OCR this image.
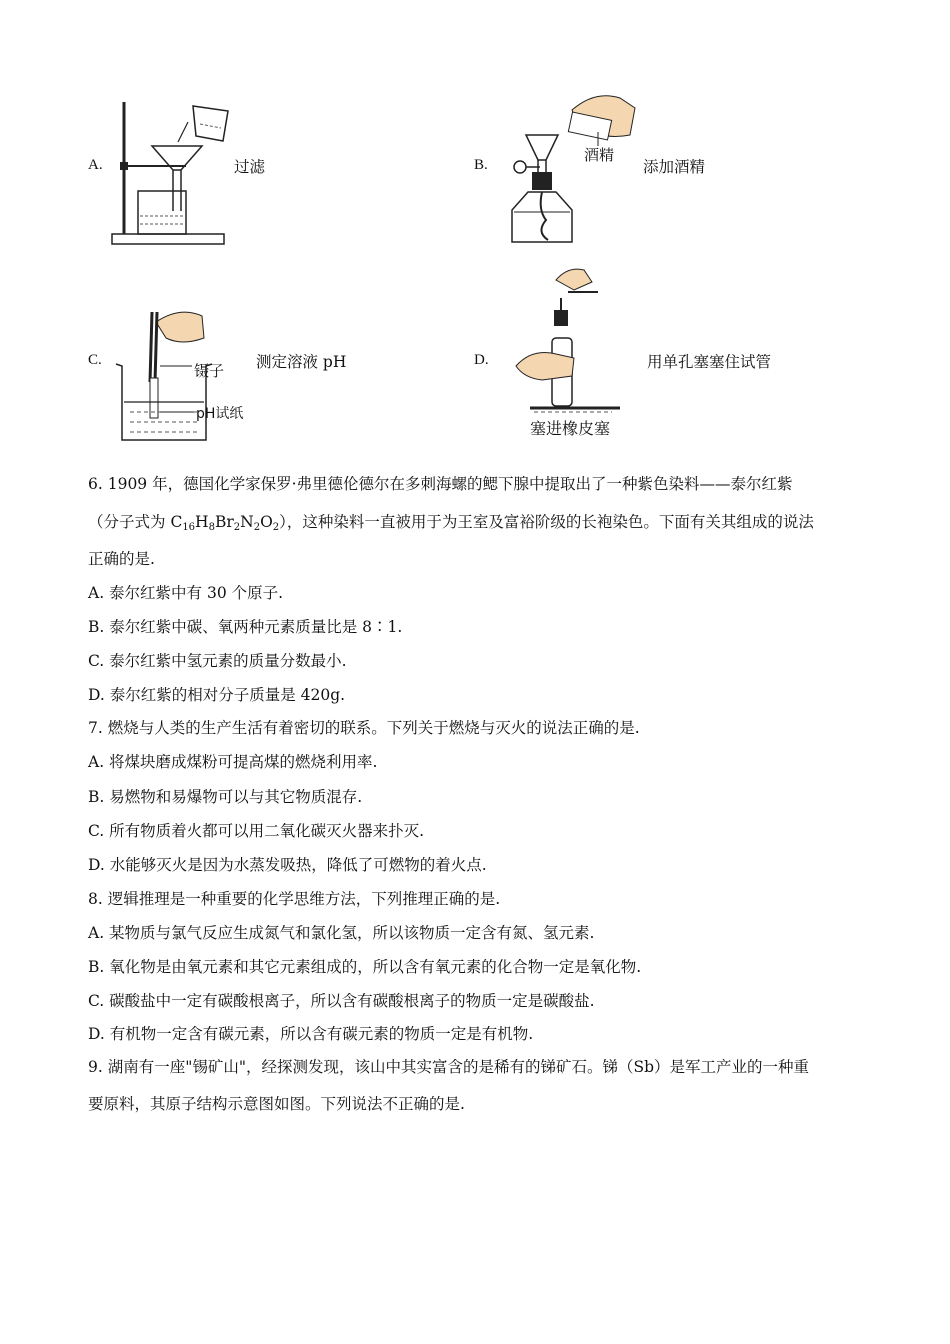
A.	过滤	B.
酒精
添加酒精
C.
镊子
pH试纸
测定溶液 pH	D.
塞进橡皮塞
用单孔塞塞住试管
6. 1909 年，德国化学家保罗·弗里德伦德尔在多刺海螺的鳃下腺中提取出了一种紫色染料——泰尔红紫
（分子式为 $C_{16}H_8Br_2N_2O_2$），这种染料一直被用于为王室及富裕阶级的长袍染色。下面有关其组成的说法
正确的是.
A. 泰尔红紫中有 30 个原子.
B. 泰尔红紫中碳、氧两种元素质量比是 8∶1.
C. 泰尔红紫中氢元素的质量分数最小.
D. 泰尔红紫的相对分子质量是 420g.
7. 燃烧与人类的生产生活有着密切的联系。下列关于燃烧与灭火的说法正确的是.
A. 将煤块磨成煤粉可提高煤的燃烧利用率.
B. 易燃物和易爆物可以与其它物质混存.
C. 所有物质着火都可以用二氧化碳灭火器来扑灭.
D. 水能够灭火是因为水蒸发吸热，降低了可燃物的着火点.
8. 逻辑推理是一种重要的化学思维方法，下列推理正确的是.
A. 某物质与氯气反应生成氮气和氯化氢，所以该物质一定含有氮、氢元素.
B. 氧化物是由氧元素和其它元素组成的，所以含有氧元素的化合物一定是氧化物.
C. 碳酸盐中一定有碳酸根离子，所以含有碳酸根离子的物质一定是碳酸盐.
D. 有机物一定含有碳元素，所以含有碳元素的物质一定是有机物.
9. 湖南有一座"锡矿山"，经探测发现，该山中其实富含的是稀有的锑矿石。锑（Sb）是军工产业的一种重
要原料，其原子结构示意图如图。下列说法不正确的是.
